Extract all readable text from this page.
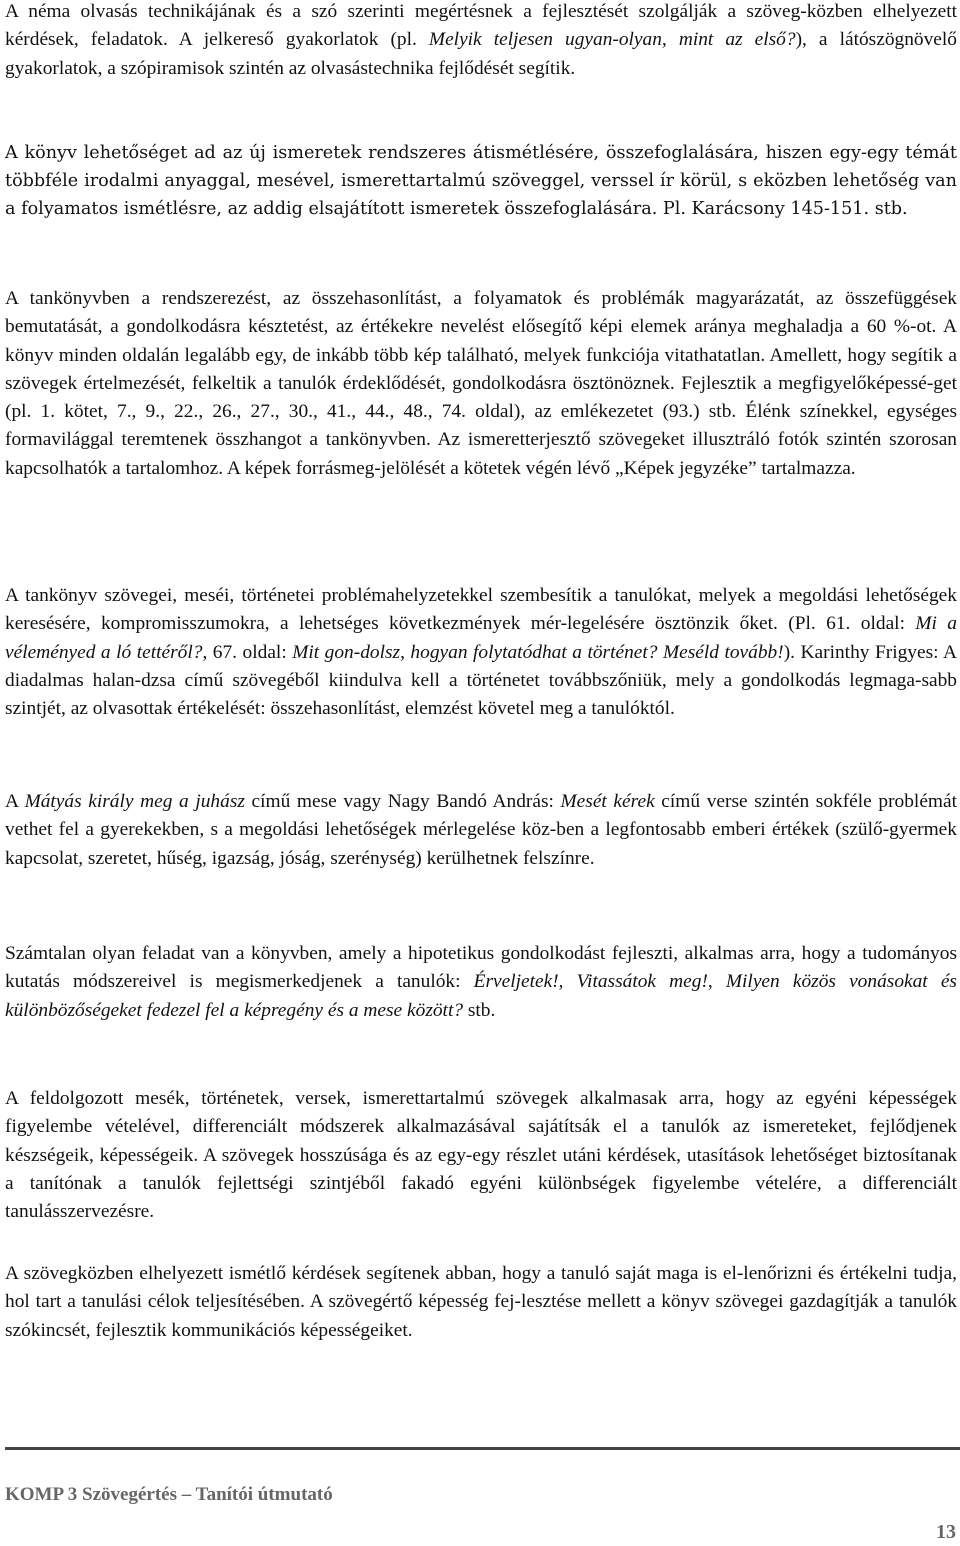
A néma olvasás technikájának és a szó szerinti megértésnek a fejlesztését szolgálják a szöveg-közben elhelyezett kérdések, feladatok. A jelkereső gyakorlatok (pl. Melyik teljesen ugyan-olyan, mint az első?), a látószögnövelő gyakorlatok, a szópiramisok szintén az olvasástechnika fejlődését segítik.

A könyv lehetőséget ad az új ismeretek rendszeres átismétlésére, összefoglalására, hiszen egy-egy témát többféle irodalmi anyaggal, mesével, ismerettartalmú szöveggel, verssel ír körül, s eközben lehetőség van a folyamatos ismétlésre, az addig elsajátított ismeretek összefoglalására. Pl. Karácsony 145-151. stb.

A tankönyvben a rendszerezést, az összehasonlítást, a folyamatok és problémák magyarázatát, az összefüggések bemutatását, a gondolkodásra késztetést, az értékekre nevelést elősegítő képi elemek aránya meghaladja a 60 %-ot. A könyv minden oldalán legalább egy, de inkább több kép található, melyek funkciója vitathatatlan. Amellett, hogy segítik a szövegek értelmezését, felkeltik a tanulók érdeklődését, gondolkodásra ösztönöznek. Fejlesztik a megfigyelőképessé-get (pl. 1. kötet, 7., 9., 22., 26., 27., 30., 41., 44., 48., 74. oldal), az emlékezetet (93.) stb. Élénk színekkel, egységes formavilággal teremtenek összhangot a tankönyvben. Az ismeretterjesztő szövegeket illusztráló fotók szintén szorosan kapcsolhatók a tartalomhoz. A képek forrásmeg-jelölését a kötetek végén lévő „Képek jegyzéke” tartalmazza.

A tankönyv szövegei, meséi, történetei problémahelyzetekkel szembesítik a tanulókat, melyek a megoldási lehetőségek keresésére, kompromisszumokra, a lehetséges következmények mér-legelésére ösztönzik őket. (Pl. 61. oldal: Mi a véleményed a ló tettéről?, 67. oldal: Mit gon-dolsz, hogyan folytatódhat a történet? Meséld tovább!). Karinthy Frigyes: A diadalmas halan-dzsa című szövegéből kiindulva kell a történetet továbbszőniük, mely a gondolkodás legmaga-sabb szintjét, az olvasottak értékelését: összehasonlítást, elemzést követel meg a tanulóktól.

A Mátyás király meg a juhász című mese vagy Nagy Bandó András: Mesét kérek című verse szintén sokféle problémát vethet fel a gyerekekben, s a megoldási lehetőségek mérlegelése köz-ben a legfontosabb emberi értékek (szülő-gyermek kapcsolat, szeretet, hűség, igazság, jóság, szerénység) kerülhetnek felszínre.

Számtalan olyan feladat van a könyvben, amely a hipotetikus gondolkodást fejleszti, alkalmas arra, hogy a tudományos kutatás módszereivel is megismerkedjenek a tanulók: Érveljetek!, Vitassátok meg!, Milyen közös vonásokat és különbözőségeket fedezel fel a képregény és a mese között? stb.

A feldolgozott mesék, történetek, versek, ismerettartalmú szövegek alkalmasak arra, hogy az egyéni képességek figyelembe vételével, differenciált módszerek alkalmazásával sajátítsák el a tanulók az ismereteket, fejlődjenek készségeik, képességeik. A szövegek hosszúsága és az egy-egy részlet utáni kérdések, utasítások lehetőséget biztosítanak a tanítónak a tanulók fejlettségi szintjéből fakadó egyéni különbségek figyelembe vételére, a differenciált tanulásszervezésre.

A szövegközben elhelyezett ismétlő kérdések segítenek abban, hogy a tanuló saját maga is el-lenőrizni és értékelni tudja, hol tart a tanulási célok teljesítésében. A szövegértő képesség fej-lesztése mellett a könyv szövegei gazdagítják a tanulók szókincsét, fejlesztik kommunikációs képességeiket.

KOMP 3 Szövegértés – Tanítói útmutató
13
